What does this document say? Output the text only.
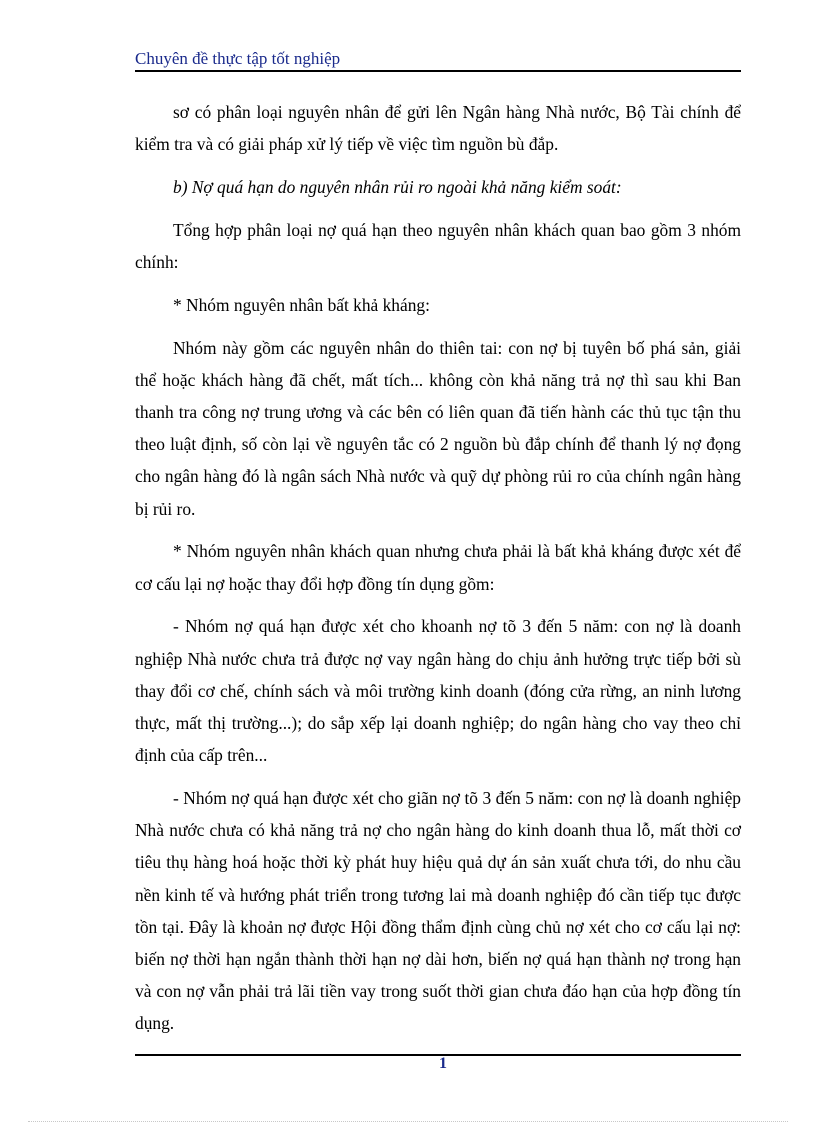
Chuyên đề thực tập tốt nghiệp

sơ có phân loại nguyên nhân để gửi lên Ngân hàng Nhà nước, Bộ Tài chính để kiểm tra và có giải pháp xử lý tiếp về việc tìm nguồn bù đắp.

b) Nợ quá hạn do nguyên nhân rủi ro ngoài khả năng kiểm soát:

Tổng hợp phân loại nợ quá hạn theo nguyên nhân khách quan bao gồm 3 nhóm chính:

* Nhóm nguyên nhân bất khả kháng:

Nhóm này gồm các nguyên nhân do thiên tai: con nợ bị tuyên bố phá sản, giải thể hoặc khách hàng đã chết, mất tích... không còn khả năng trả nợ thì sau khi Ban thanh tra công nợ trung ương và các bên có liên quan đã tiến hành các thủ tục tận thu theo luật định, số còn lại về nguyên tắc có 2 nguồn bù đắp chính để thanh lý nợ đọng cho ngân hàng đó là ngân sách Nhà nước và quỹ dự phòng rủi ro của chính ngân hàng bị rủi ro.

* Nhóm nguyên nhân khách quan nhưng chưa phải là bất khả kháng được xét để cơ cấu lại nợ hoặc thay đổi hợp đồng tín dụng gồm:

- Nhóm nợ quá hạn được xét cho khoanh nợ tõ 3 đến 5 năm: con nợ là doanh nghiệp Nhà nước chưa trả được nợ vay ngân hàng do chịu ảnh hưởng trực tiếp bởi sù thay đổi cơ chế, chính sách và môi trường kinh doanh (đóng cửa rừng, an ninh lương thực, mất thị trường...); do sắp xếp lại doanh nghiệp; do ngân hàng cho vay theo chỉ định của cấp trên...

- Nhóm nợ quá hạn được xét cho giãn nợ tõ 3 đến 5 năm: con nợ là doanh nghiệp Nhà nước chưa có khả năng trả nợ cho ngân hàng do kinh doanh thua lỗ, mất thời cơ tiêu thụ hàng hoá hoặc thời kỳ phát huy hiệu quả dự án sản xuất chưa tới, do nhu cầu nền kinh tế và hướng phát triển trong tương lai mà doanh nghiệp đó cần tiếp tục được tồn tại. Đây là khoản nợ được Hội đồng thẩm định cùng chủ nợ xét cho cơ cấu lại nợ: biến nợ thời hạn ngắn thành thời hạn nợ dài hơn, biến nợ quá hạn thành nợ trong hạn và con nợ vẫn phải trả lãi tiền vay trong suốt thời gian chưa đáo hạn của hợp đồng tín dụng.

1
